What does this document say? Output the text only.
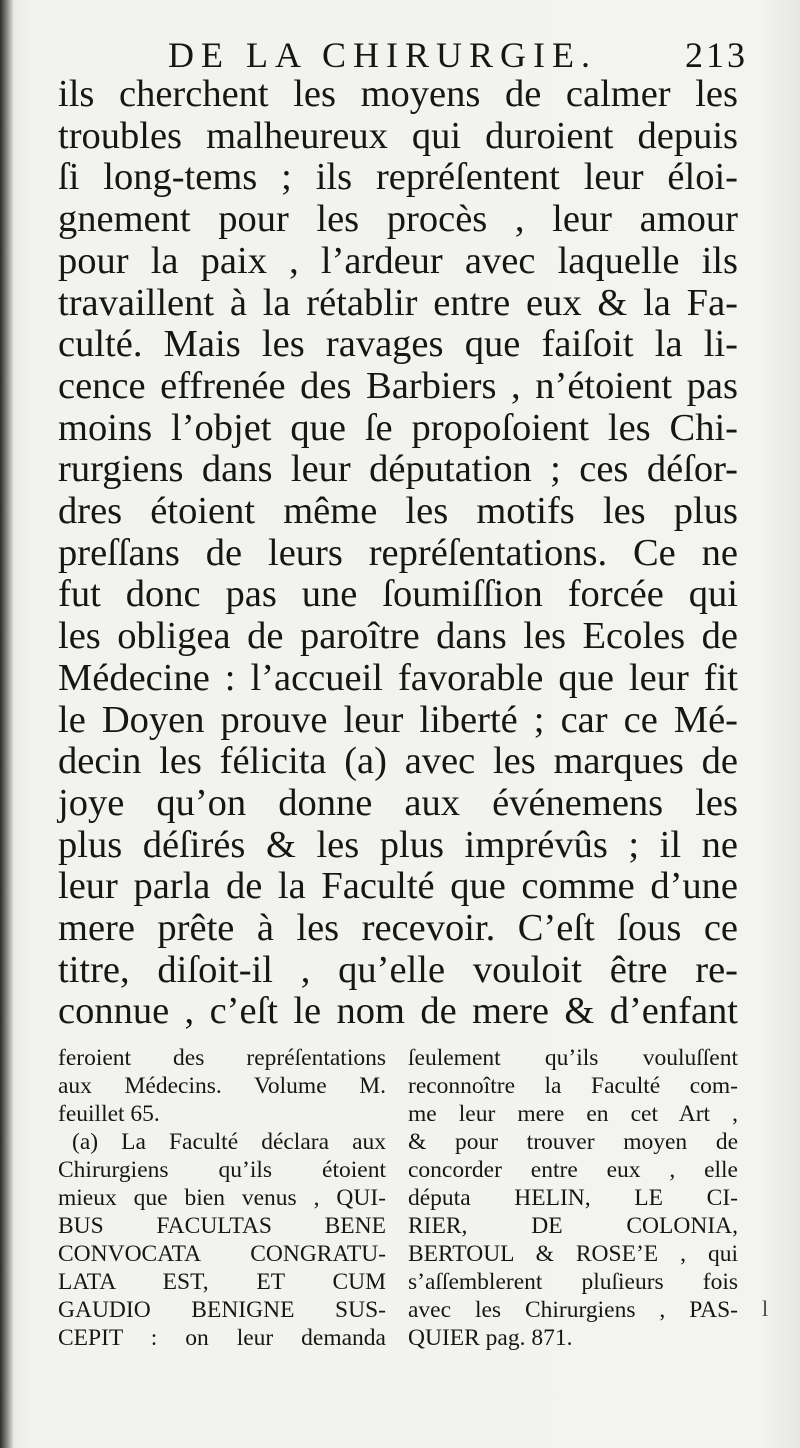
DE LA CHIRURGIE. 213
ils cherchent les moyens de calmer les
troubles malheureux qui duroient depuis
ſi long-tems ; ils repréſentent leur éloi-
gnement pour les procès , leur amour
pour la paix , l’ardeur avec laquelle ils
travaillent à la rétablir entre eux & la Fa-
culté. Mais les ravages que faiſoit la li-
cence effrenée des Barbiers , n’étoient pas
moins l’objet que ſe propoſoient les Chi-
rurgiens dans leur députation ; ces déſor-
dres étoient même les motifs les plus
preſſans de leurs repréſentations. Ce ne
fut donc pas une ſoumiſſion forcée qui
les obligea de paroître dans les Ecoles de
Médecine : l’accueil favorable que leur fit
le Doyen prouve leur liberté ; car ce Mé-
decin les félicita (a) avec les marques de
joye qu’on donne aux événemens les
plus déſirés & les plus imprévûs ; il ne
leur parla de la Faculté que comme d’une
mere prête à les recevoir. C’eſt ſous ce
titre, diſoit-il , qu’elle vouloit être re-
connue , c’eſt le nom de mere & d’enfant
feroient des repréſentations
aux Médecins. Volume M.
feuillet 65.
(a) La Faculté déclara aux
Chirurgiens qu’ils étoient
mieux que bien venus , QUI-
BUS FACULTAS BENE
CONVOCATA CONGRATU-
LATA EST, ET CUM
GAUDIO BENIGNE SUS-
CEPIT : on leur demanda
ſeulement qu’ils vouluſſent
reconnoître la Faculté com-
me leur mere en cet Art ,
& pour trouver moyen de
concorder entre eux , elle
députa HELIN, LE CI-
RIER, DE COLONIA,
BERTOUL & ROSE’E , qui
s’aſſemblerent pluſieurs fois
avec les Chirurgiens , PAS-
QUIER pag. 871.
l
